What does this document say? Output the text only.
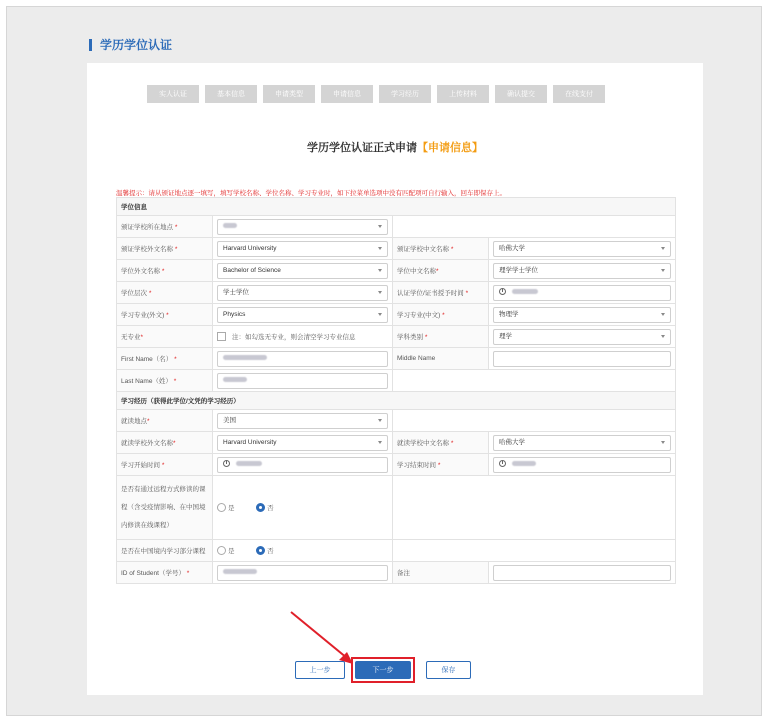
学历学位认证
实人认证	基本信息	申请类型	申请信息	学习经历	上传材料	确认提交	在线支付
学历学位认证正式申请【申请信息】
温馨提示：请从颁证地点逐一填写，填写学校名称、学位名称、学习专业时，如下拉菜单选项中没有匹配项可自行输入，回车即保存上。
学位信息			
颁证学校所在地点 *		

颁证学校外文名称 *	Harvard University	颁证学校中文名称 *	哈佛大学

学位外文名称 *	Bachelor of Science	学位中文名称*	理学学士学位

学位层次 *	学士学位	认证学位/证书授予时间 *	

学习专业(外文) *	Physics	学习专业(中文) *	物理学

无专业*	注：如勾选无专业，则会清空学习专业信息	学科类别 *	理学

First Name（名） *		Middle Name	

Last Name（姓） *		

学习经历（获得此学位/文凭的学习经历）			
就读地点*	美国		

就读学校外文名称*	Harvard University	就读学校中文名称 *	哈佛大学

学习开始时间 *		学习结束时间 *	

是否有通过远程方式修读的课程（含受疫情影响、在中国境内修读在线课程）	是 否		
是否在中国境内学习部分课程	是 否		
ID of Student（学号） *		备注	
上一步	下一步	保存
